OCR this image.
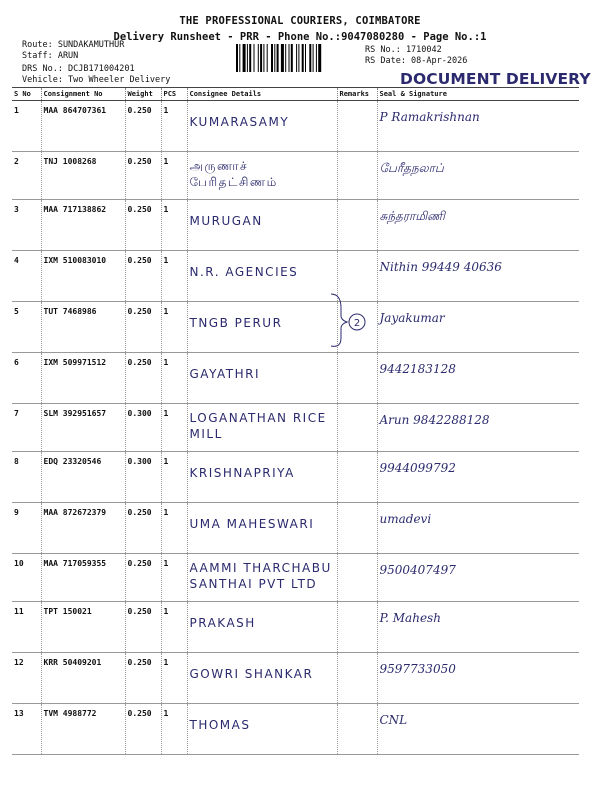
THE PROFESSIONAL COURIERS, COIMBATORE
Delivery Runsheet - PRR - Phone No.:9047080280 - Page No.:1
Route: SUNDAKAMUTHUR
Staff: ARUN
DRS No.: DCJB171004201
Vehicle: Two Wheeler Delivery
RS No.: 1710042
RS Date: 08-Apr-2026
DOCUMENT DELIVERY
S No	Consignment No	Weight	PCS	Consignee Details	Remarks	Seal & Signature
1	MAA 864707361	0.250	1	KUMARASAMY		P Ramakrishnan
2	TNJ 1008268	0.250	1	அருணாச் பேரிதட்சிணம்		பேரீதநலாப்
3	MAA 717138862	0.250	1	MURUGAN		சுந்தராமிணி
4	IXM 510083010	0.250	1	N.R. AGENCIES		Nithin 99449 40636
5	TUT 7468986	0.250	1	TNGB PERUR		Jayakumar
6	IXM 509971512	0.250	1	GAYATHRI		9442183128
7	SLM 392951657	0.300	1	LOGANATHAN RICE MILL		Arun 9842288128
8	EDQ 23320546	0.300	1	KRISHNAPRIYA		9944099792
9	MAA 872672379	0.250	1	UMA MAHESWARI		umadevi
10	MAA 717059355	0.250	1	AAMMI THARCHABU SANTHAI PVT LTD		9500407497
11	TPT 150021	0.250	1	PRAKASH		P. Mahesh
12	KRR 50409201	0.250	1	GOWRI SHANKAR		9597733050
13	TVM 4988772	0.250	1	THOMAS		CNL
2
